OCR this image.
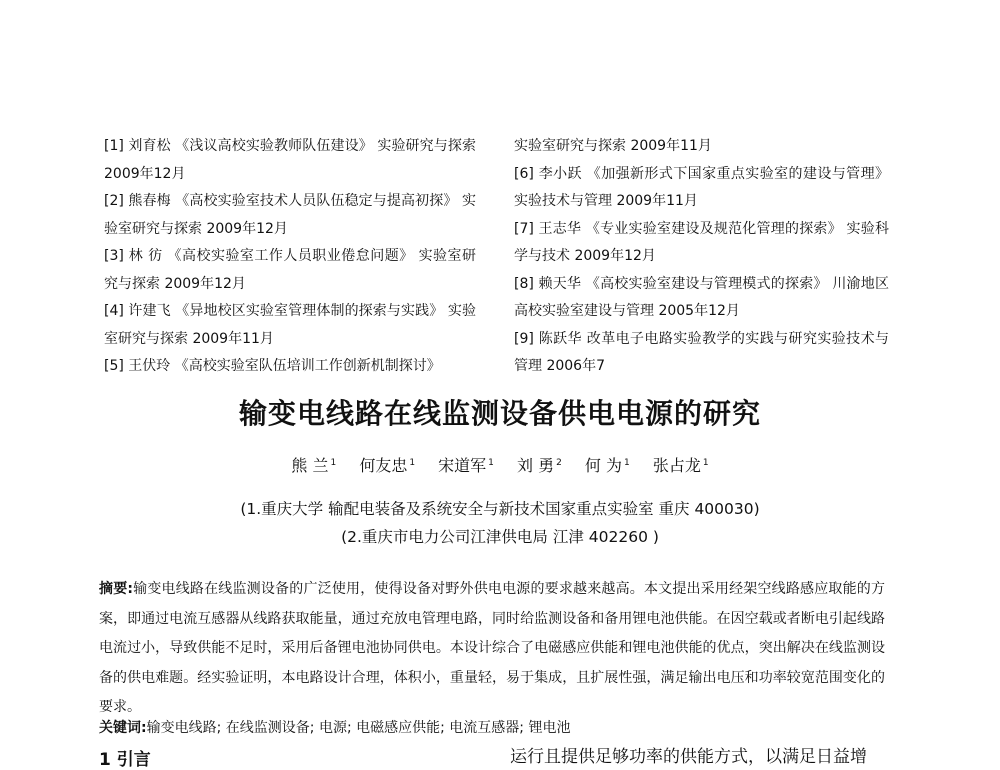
[1] 刘育松 《浅议高校实验教师队伍建设》 实验研究与探索 2009年12月
[2] 熊春梅 《高校实验室技术人员队伍稳定与提高初探》 实验室研究与探索 2009年12月
[3] 林 彷 《高校实验室工作人员职业倦怠问题》 实验室研究与探索 2009年12月
[4] 许建飞 《异地校区实验室管理体制的探索与实践》 实验室研究与探索 2009年11月
[5] 王伏玲 《高校实验室队伍培训工作创新机制探讨》
实验室研究与探索 2009年11月
[6] 李小跃 《加强新形式下国家重点实验室的建设与管理》 实验技术与管理 2009年11月
[7] 王志华 《专业实验室建设及规范化管理的探索》 实验科学与技术 2009年12月
[8] 赖天华 《高校实验室建设与管理模式的探索》 川渝地区高校实验室建设与管理 2005年12月
[9] 陈跃华 改革电子电路实验教学的实践与研究实验技术与管理 2006年7
输变电线路在线监测设备供电电源的研究
熊 兰 $^1$ 何友忠 $^1$ 宋道军 $^1$ 刘 勇 $^2$ 何 为 $^1$ 张占龙 $^1$
(1.重庆大学 输配电装备及系统安全与新技术国家重点实验室 重庆 400030)
(2.重庆市电力公司江津供电局 江津 402260 )
摘要:输变电线路在线监测设备的广泛使用，使得设备对野外供电电源的要求越来越高。本文提出采用经架空线路感应取能的方案，即通过电流互感器从线路获取能量，通过充放电管理电路，同时给监测设备和备用锂电池供能。在因空载或者断电引起线路电流过小，导致供能不足时，采用后备锂电池协同供电。本设计综合了电磁感应供能和锂电池供能的优点，突出解决在线监测设备的供电难题。经实验证明，本电路设计合理，体积小，重量轻，易于集成，且扩展性强，满足输出电压和功率较宽范围变化的要求。
关键词:输变电线路; 在线监测设备; 电源; 电磁感应供能; 电流互感器; 锂电池
1 引言	运行且提供足够功率的供能方式，以满足日益增
